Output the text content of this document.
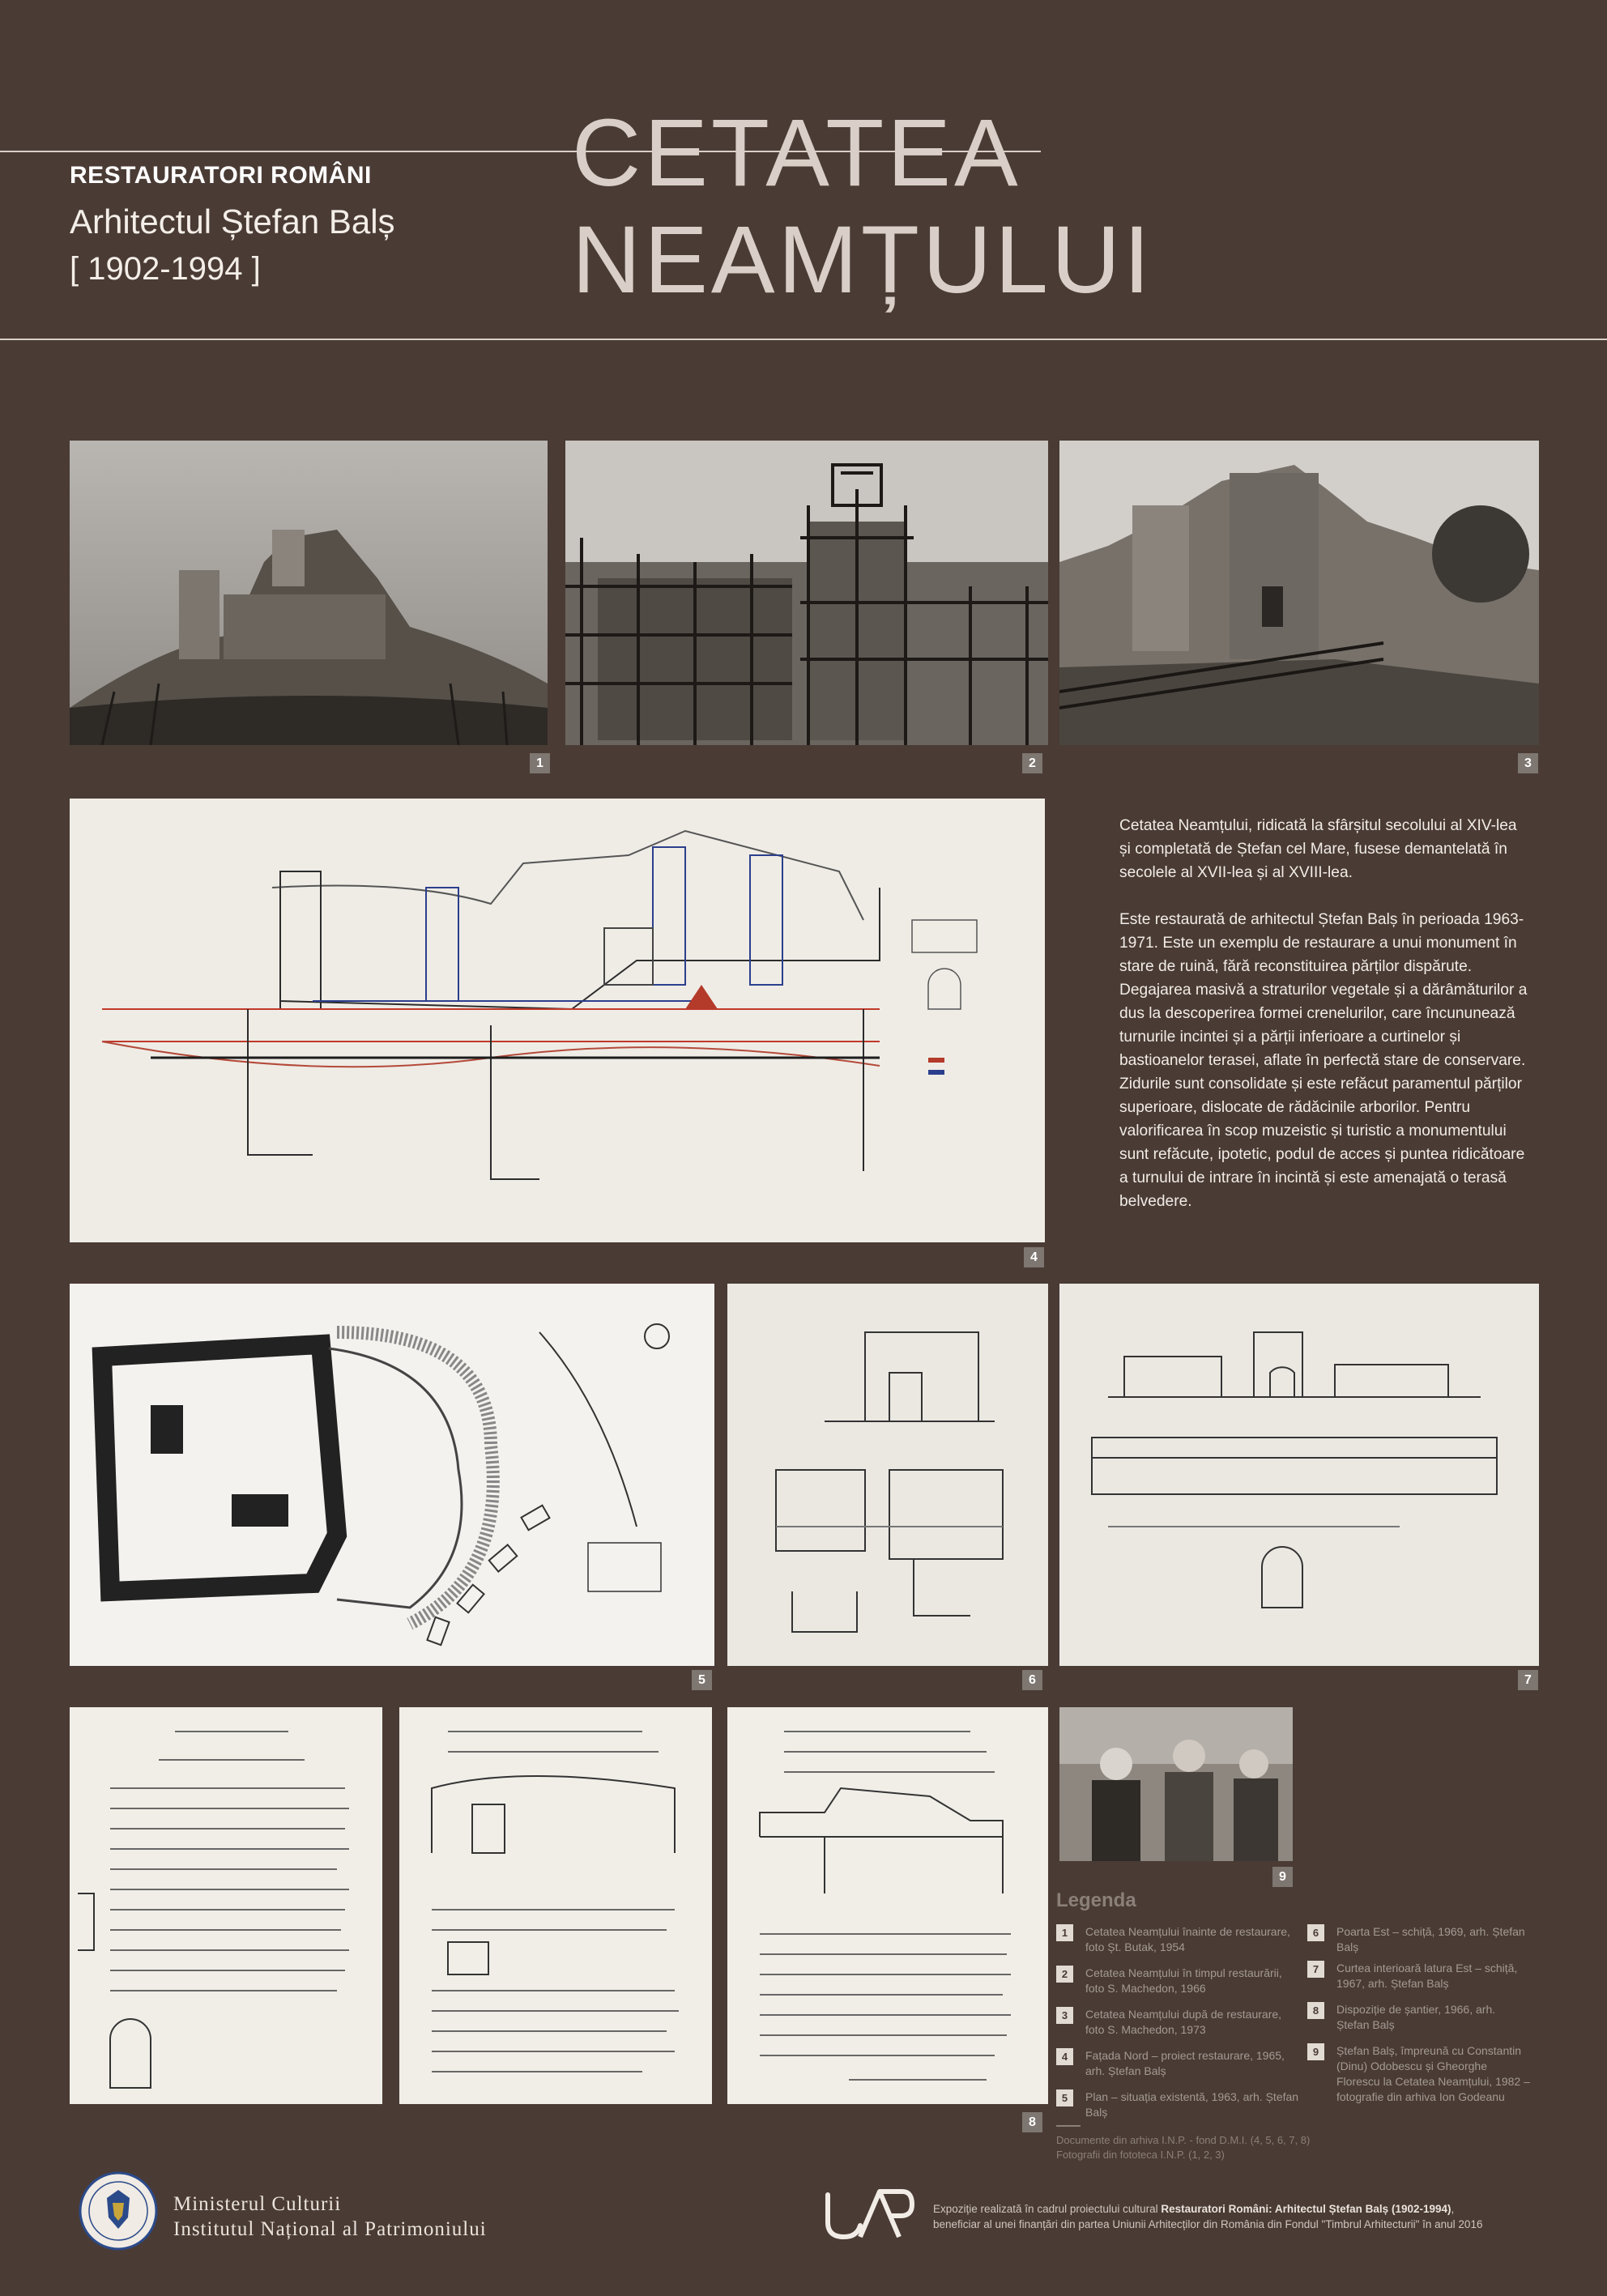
RESTAURATORI ROMÂNI
Arhitectul Ștefan Balș
[ 1902-1994 ]
CETATEA
NEAMȚULUI
1	2	3
4

Cetatea Neamțului, ridicată la sfârșitul secolului al XIV-lea și completată de Ștefan cel Mare, fusese demantelată în secolele al XVII-lea și al XVIII-lea.

Este restaurată de arhitectul Ștefan Balș în perioada 1963-1971. Este un exemplu de restaurare a unui monument în stare de ruină, fără reconstituirea părților dispărute. Degajarea masivă a straturilor vegetale și a dărâmăturilor a dus la descoperirea formei crenelurilor, care încununează turnurile incintei și a părții inferioare a curtinelor și bastioanelor terasei, aflate în perfectă stare de conservare. Zidurile sunt consolidate și este refăcut paramentul părților superioare, dislocate de rădăcinile arborilor. Pentru valorificarea în scop muzeistic și turistic a monumentului sunt refăcute, ipotetic, podul de acces și puntea ridicătoare a turnului de intrare în incintă și este amenajată o terasă belvedere.

5	6	7
8
9
Legenda
1	Cetatea Neamțului înainte de restaurare, foto Șt. Butak, 1954
2	Cetatea Neamțului în timpul restaurării, foto S. Machedon, 1966
3	Cetatea Neamțului după de restaurare, foto S. Machedon, 1973
4	Fațada Nord – proiect restaurare, 1965, arh. Ștefan Balș
5	Plan – situația existentă, 1963, arh. Ștefan Balș
6	Poarta Est – schiță, 1969, arh. Ștefan Balș
7	Curtea interioară latura Est – schiță, 1967, arh. Ștefan Balș
8	Dispoziție de șantier, 1966, arh. Ștefan Balș
9	Ștefan Balș, împreună cu Constantin (Dinu) Odobescu și Gheorghe Florescu la Cetatea Neamțului, 1982 – fotografie din arhiva Ion Godeanu
Documente din arhiva I.N.P. - fond D.M.I. (4, 5, 6, 7, 8)
Fotografii din fototeca I.N.P. (1, 2, 3)
Ministerul Culturii
Institutul Național al Patrimoniului
Expoziție realizată în cadrul proiectului cultural Restauratori Români: Arhitectul Ștefan Balș (1902-1994),
beneficiar al unei finanțări din partea Uniunii Arhitecților din România din Fondul "Timbrul Arhitecturii" în anul 2016
